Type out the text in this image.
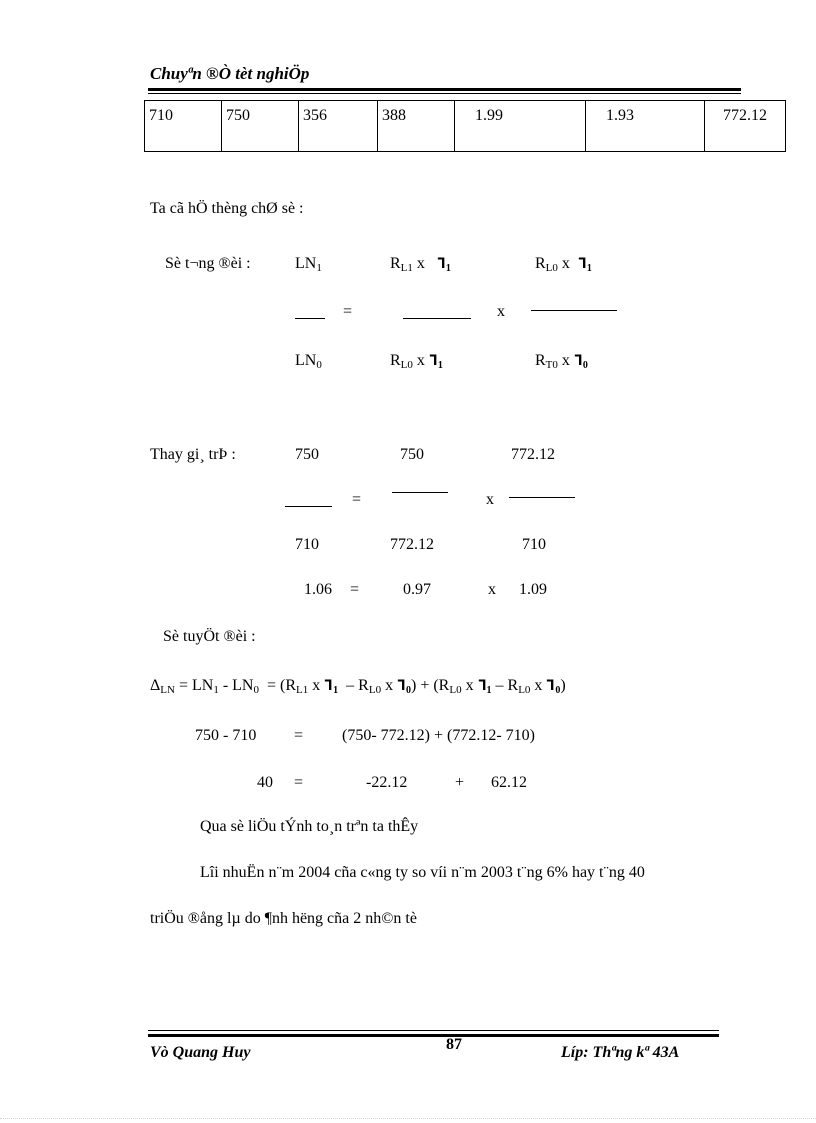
Chuyªn ®Ò tèt nghiÖp
710	750	356	388	1.99	1.93	772.12
Ta cã hÖ thèng chØ sè :
Sè t¬ng ®èi :	$LN_1$	$R_{L1}$ x Ꞁ1	$R_{L0}$ x Ꞁ1
=	x
$LN_0$	$R_{L0}$ x Ꞁ1	$R_{T0}$ x Ꞁ0
Thay gi¸ trÞ :	750	750	772.12
=	x
710	772.12	710
1.06 =	0.97	x 1.09
Sè tuyÖt ®èi :
$\Delta_{LN} = LN_1 - LN_0 = (R_{L1}$ x Ꞁ1 – $R_{L0}$ x Ꞁ0) + ($R_{L0}$ x Ꞁ1 – $R_{L0}$ x Ꞁ0)
750 - 710 = (750- 772.12) + (772.12- 710)
40 =	-22.12	+ 62.12
Qua sè liÖu tÝnh to¸n trªn ta thÊy
Lîi nhuËn n¨m 2004 cña c«ng ty so víi n¨m 2003 t¨ng 6% hay t¨ng 40
triÖu ®ång lµ do ¶nh hëng cña 2 nh©n tè
Vò Quang Huy	87	Líp: Thªng kª 43A
